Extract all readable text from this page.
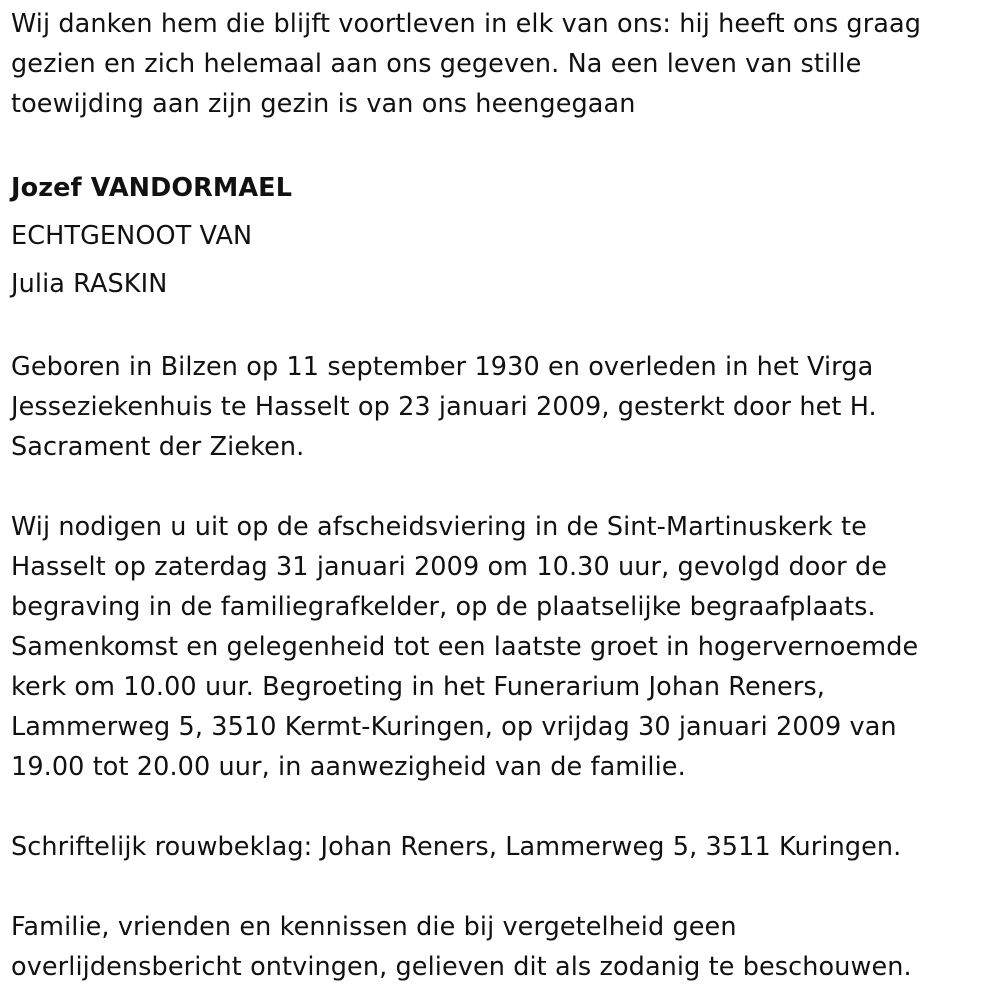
Wij danken hem die blijft voortleven in elk van ons: hij heeft ons graag
gezien en zich helemaal aan ons gegeven. Na een leven van stille
toewijding aan zijn gezin is van ons heengegaan
Jozef VANDORMAEL
ECHTGENOOT VAN
Julia RASKIN
Geboren in Bilzen op 11 september 1930 en overleden in het Virga
Jesseziekenhuis te Hasselt op 23 januari 2009, gesterkt door het H.
Sacrament der Zieken.
Wij nodigen u uit op de afscheidsviering in de Sint-Martinuskerk te
Hasselt op zaterdag 31 januari 2009 om 10.30 uur, gevolgd door de
begraving in de familiegrafkelder, op de plaatselijke begraafplaats.
Samenkomst en gelegenheid tot een laatste groet in hogervernoemde
kerk om 10.00 uur. Begroeting in het Funerarium Johan Reners,
Lammerweg 5, 3510 Kermt-Kuringen, op vrijdag 30 januari 2009 van
19.00 tot 20.00 uur, in aanwezigheid van de familie.
Schriftelijk rouwbeklag: Johan Reners, Lammerweg 5, 3511 Kuringen.
Familie, vrienden en kennissen die bij vergetelheid geen
overlijdensbericht ontvingen, gelieven dit als zodanig te beschouwen.
